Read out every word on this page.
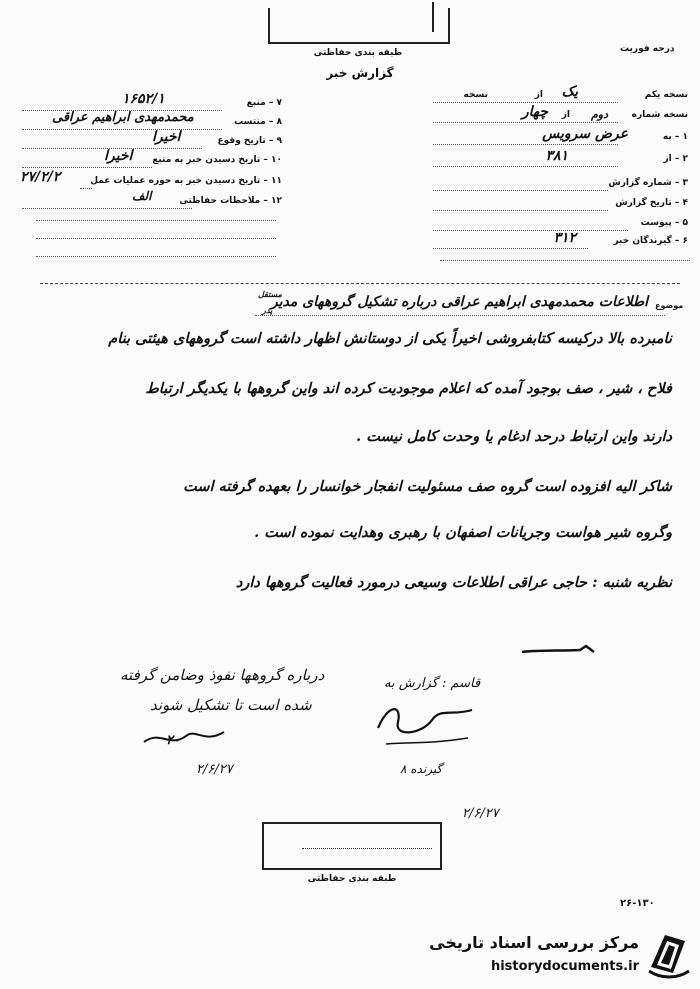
طبقه بندی حفاظتی	درجه فوریت
گزارش خبر
نسخه یکم
از یک
نسخه
نسخه شماره
دوم
از
چهار
۱ – به
عرض سرویس
۲ – از
۳۸۱
۳ – شماره گزارش
۴ – تاریخ گزارش
۵ – پیوست
۶ – گیرندگان خبر
۳۱۲
۷ – منبع
۱۶۵۲/۱
۸ – منتسب
محمدمهدی ابراهیم عراقی
۹ – تاریخ وقوع
اخیرا
۱۰ – تاریخ دسیدن خبر به منبع
اخیرا
۱۱ – تاریخ دسیدن خبر به حوزه عملیات عمل
۲۷/۲/۲
۱۲ – ملاحظات حفاظتی
الف
موضوع
اطلاعات محمدمهدی ابراهیم عراقی درباره تشکیل گروههای مدیر
مستقل
پدر
نامبرده بالا درکیسه کتابفروشی اخیراً یکی از دوستانش اظهار داشته است گروههای هیئتی بنام
فلاح ، شیر ، صف بوجود آمده که اعلام موجودیت کرده اند واین گروهها با یکدیگر ارتباط
دارند واین ارتباط درحد ادغام یا وحدت کامل نیست .
شاکر الیه افزوده است گروه صف مسئولیت انفجار خوانسار را بعهده گرفته است
وگروه شیر هواست وجریانات اصفهان با رهبری وهدایت نموده است .
نظریه شنبه : حاجی عراقی اطلاعات وسیعی درمورد فعالیت گروهها دارد
درباره گروهها نفوذ وضامن گرفته
شده است تا تشکیل شوند
۲۰
۲/۶/۲۷
قاسم : گزارش به
گیرنده ۸
۲/۶/۲۷
طبقه بندی حفاظتی
۲۶-۱۳۰
مرکز بررسی اسناد تاریخی
historydocuments.ir
